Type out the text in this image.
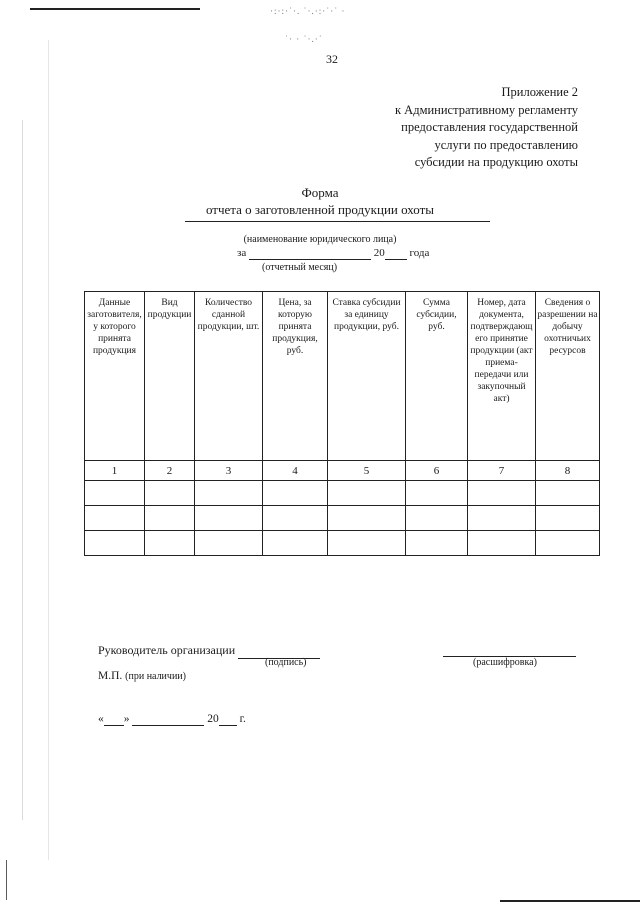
·:·:·˙·. ˙·.·:·˙·˙ ·
˙· · ˙·.·˙
32
Приложение 2
к Административному регламенту
предоставления государственной
услуги по предоставлению
субсидии на продукцию охоты
Форма
отчета о заготовленной продукции охоты
(наименование юридического лица)
за	20 года
(отчетный месяц)
Данные заготовителя, у которого принята продукция	Вид продукции	Количество сданной продукции, шт.	Цена, за которую принята продукция, руб.	Ставка субсидии за единицу продукции, руб.	Сумма субсидии, руб.	Номер, дата документа, подтверждающего принятие продукции (акт приема-передачи или закупочный акт)	Сведения о разрешении на добычу охотничьих ресурсов
1	2	3	4	5	6	7	8

Руководитель организации
(подпись)	(расшифровка)
М.П. (при наличии)
« »	20 г.
